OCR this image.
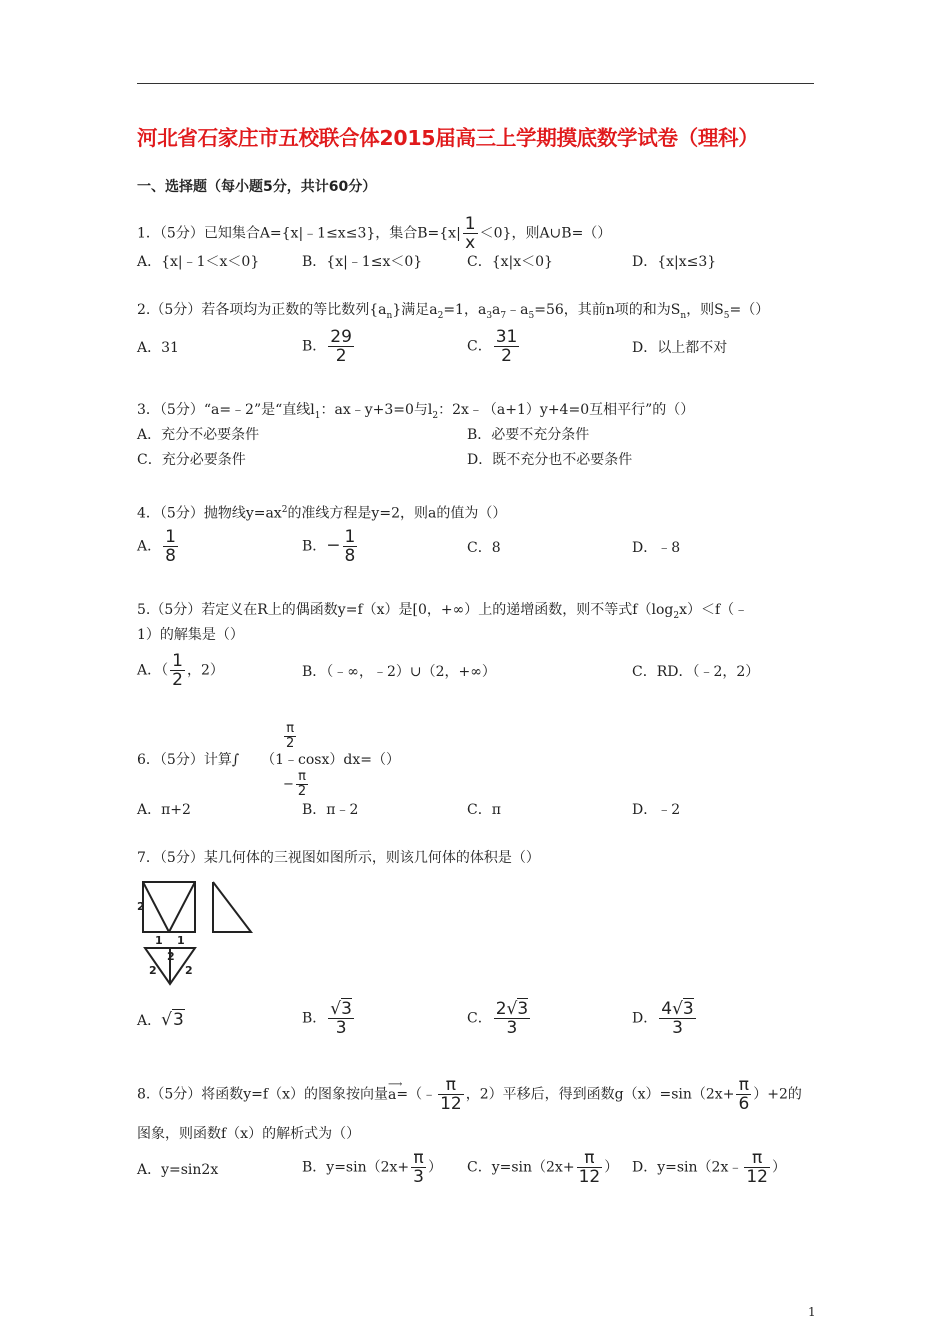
河北省石家庄市五校联合体2015届高三上学期摸底数学试卷（理科）
一、选择题（每小题5分，共计60分）
1．（5分）已知集合A={x|﹣1≤x≤3}，集合$B=\{x| \frac{1}{x} <0\}$，则A∪B=（）
A．{x|﹣1＜x＜0}	B．{x|﹣1≤x＜0}	C．{x|x＜0}	D．{x|x≤3}
2.（5分）若各项均为正数的等比数列$\{a_n\}$满足$a_2=1$，$a_3a_7﹣a_5=56$，其前n项的和为$S_n$，则$S_5=()$
A．31	B． $\frac{29}{2}$	C． $\frac{31}{2}$	D．以上都不对
3．（5分）“a=﹣2”是“直线$l_1$：ax﹣y+3=0与$l_2$：2x﹣（a+1）y+4=0互相平行”的（）
A．充分不必要条件	B．必要不充分条件
C．充分必要条件	D．既不充分也不必要条件
4．（5分）抛物线$y=ax^2$的准线方程是y=2，则a的值为（）
A． $\frac{1}{8}$	B．− $\frac{1}{8}$	C．8	D．﹣8
5.（5分）若定义在R上的偶函数y=f（x）是[0，+∞）上的递增函数，则不等式$f(\log_2x)<f(﹣$
1）的解集是（）
A．（ $\frac{1}{2}$ ，2）	B．（﹣∞，﹣2）∪（2，+∞）	C．RD．（﹣2，2）
6．（5分）计算∫ （1﹣cosx）dx=（）
$\frac{\pi}{2}$
− $\frac{\pi}{2}$
A．π+2	B．π﹣2	C．π	D．﹣2
7．（5分）某几何体的三视图如图所示，则该几何体的体积是（）
2
1 1
2
2	2
A．√3	B． $\frac{√3}{3}$	C． $\frac{2√3}{3}$	D． $\frac{4√3}{3}$
8.（5分）将函数y=f（x）的图象按向量
⟶
a=（﹣ $\frac{\pi}{12}$ ，2）平移后，得到函数$g(x)=\sin(2x+ \frac{\pi}{6} )+2$的
图象，则函数f（x）的解析式为（）
A．y=sin2x	B．$y=\sin(2x+ \frac{\pi}{3}$ ） C．$y=\sin(2x+ \frac{\pi}{12}$ ） D．y=sin（2x﹣ $\frac{\pi}{12}$ ）
1
